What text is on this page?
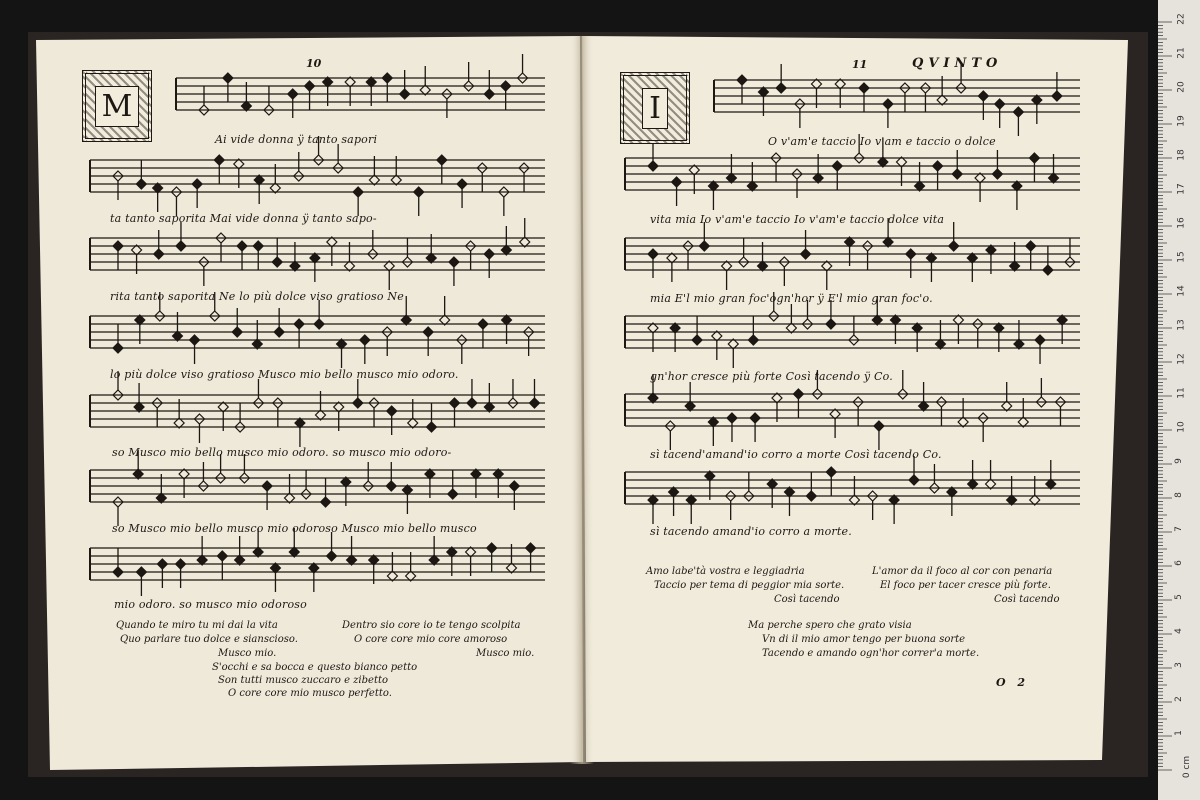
M	I
10	11	QVINTO
Ai vide donna ÿ tanto sapori
ta tanto saporita Mai vide donna ÿ tanto sapo-
rita tanto saporita Ne lo più dolce viso gratioso Ne
lo più dolce viso gratioso Musco mio bello musco mio odoro.
so Musco mio bello musco mio odoro. so musco mio odoro-
so Musco mio bello musco mio odoroso Musco mio bello musco
mio odoro. so musco mio odoroso
Quando te miro tu mi dai la vita	Dentro sio core io te tengo scolpita
Quo parlare tuo dolce e sianscioso.	O core core mio core amoroso
Musco mio.	Musco mio.
S'occhi e sa bocca e questo bianco petto
Son tutti musco zuccaro e zibetto
O core core mio musco perfetto.
O v'am'e taccio Io v'am e taccio o dolce
vita mia Io v'am'e taccio Io v'am'e taccio dolce vita
mia E'l mio gran foc'ogn'hor ÿ E'l mio gran foc'o.
gn'hor cresce più forte Così tacendo ÿ Co.
sì tacend'amand'io corro a morte Così tacendo Co.
sì tacendo amand'io corro a morte.
Amo labe'tà vostra e leggiadria
Taccio per tema di peggior mia sorte.
Così tacendo
L'amor da il foco al cor con penaria
El foco per tacer cresce più forte.
Così tacendo
Ma perche spero che grato visia
Vn di il mio amor tengo per buona sorte
Tacendo e amando ogn'hor correr'a morte.
O 2
0 cm
1
2
3
4
5
6
7
8
9
10
11
12
13
14
15
16
17
18
19
20
21
22
